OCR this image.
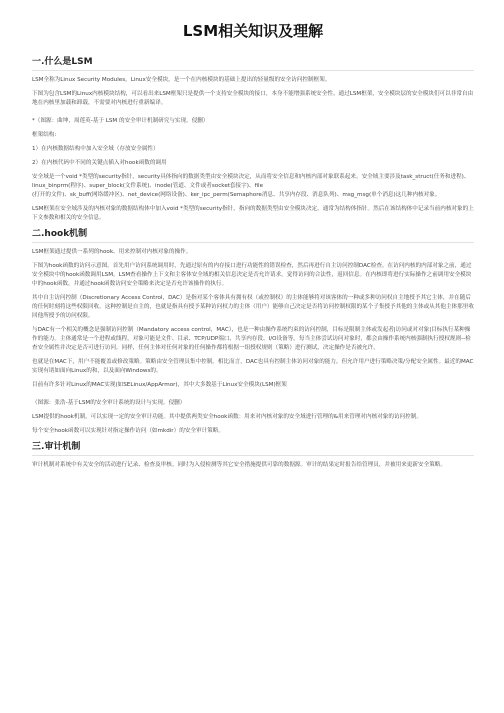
LSM相关知识及理解
一.什么是LSM

LSM全称为Linux Security Modules，Linux安全模块，是一个在内核模块的基础上提出的轻量级的安全访问控制框架。

下图为包含LSM的Linux内核模块结构，可以看出来LSM框架只是提供一个支持安全模块的接口，本身不能增强系统安全性。通过LSM框架，安全模块层的安全模块们可以非常自由地在内核里加载和卸载，不需要对内核进行重新编译。

*（图源：曲坤，周莲英-基于 LSM 的安全审计机制研究与实现。侵删）

框架结构:

1）在内核数据结构中加入安全域（存放安全属性）

2）在内核代码中不同的关键点插入对hook函数的调用

安全域是一个void *类型的security指针，security具体指向的数据类型由安全模块决定，从而将安全信息和内核内部对象联系起来。安全域主要涉及task_struct(任务和进程)、linux_binprm(程序)、super_block(文件系统)、inode(管道、文件或者socket套接字)、file
(打开的文件)、sk_buff(网络缓冲区)、net_device(网络设备)、ker_ipc_perm(Semaphore消息、共享内存段、消息队列)、msg_msg(单个消息)这几种内核对象。

LSM框架在安全域涉及的内核对象的数据结构体中加入void *类型的security指针，指向的数据类型由安全模块决定，通常为结构体指针。然后在该结构体中记录当前内核对象的上下文参数和相关的安全信息。

二.hook机制

LSM框架通过提供一系列的hook、用来控制对内核对象的操作。

下图为hook函数的访问示意图。首先用户访问系统调用时，先通过原有的内存接口进行功能性的错误检查，然后再进行自主访问控制DAC检查。在访问内核的内部对象之前，通过安全模块中的hook函数调用LSM。LSM查看操作上下文和主客体安全域的相关信息决定是否允许请求，觉得访问的合法性，返回信息。在内核即将进行实际操作之前调用安全模块中的hook函数，并通过hook函数访问安全策略来决定是否允许该操作的执行。

其中自主访问控制（Discretionary Access Control，DAC）是指对某个客体具有拥有权（或控制权）的主体能够将对该客体的一种或多种访问权自主地授予其它主体，并在随后的任何时刻将这些权限回收。这种控制是自主的，也就是指具有授予某种访问权力的主体（用户）能够自己决定是否将访问控制权限的某个子集授予其他的主体或从其他主体那里收回他所授予的访问权限。

与DAC有一个相关的概念是强制访问控制（Mandatory access control，MAC），也是一种由操作系统约束的访问控制，目标是限制主体或发起者|访问或对对象|目标执行某种操作的能力。主体通常是一个进程或线程，对象可能是文件、目录、TCP/UDP端口、共享内存段、I/O设备等。每当主体尝试访问对象时，都会由操作系统内核强制执行授权规则--检查安全属性并决定是否可进行访问。同样，任何主体对任何对象的任何操作都将根据一组授权规则（策略）进行测试，决定操作是否被允许。

也就是在MAC下，用户不能覆盖或修改策略。策略由安全管理员集中控制。相比而言，DAC也具有控制主体访问对象的能力，但允许用户进行策略决策/分配安全属性。最近的MAC实现有诸如面向Linux的和，以及面向Windows的。

目前有许多针对Linux的MAC实现(如SELinux/AppArmor)，其中大多数基于Linux安全模块(LSM)框架

（图源：张浩-基于LSM的安全审计系统的设计与实现。侵删）

LSM提供的hook机制，可以实现一定的安全审计功能。其中提供两类安全hook函数：用来对内核对象的安全域进行管理的&用来管理对内核对象的访问控制。

每个安全hook函数可以实现针对指定操作访问（如mkdir）的安全审计策略。

三.审计机制

审计机制对系统中有关安全的活动进行记录、检查及审核。同时为入侵检测等其它安全措施提供可靠的数据源。审计的结果定时报告给管理员，并被用来更新安全策略。
